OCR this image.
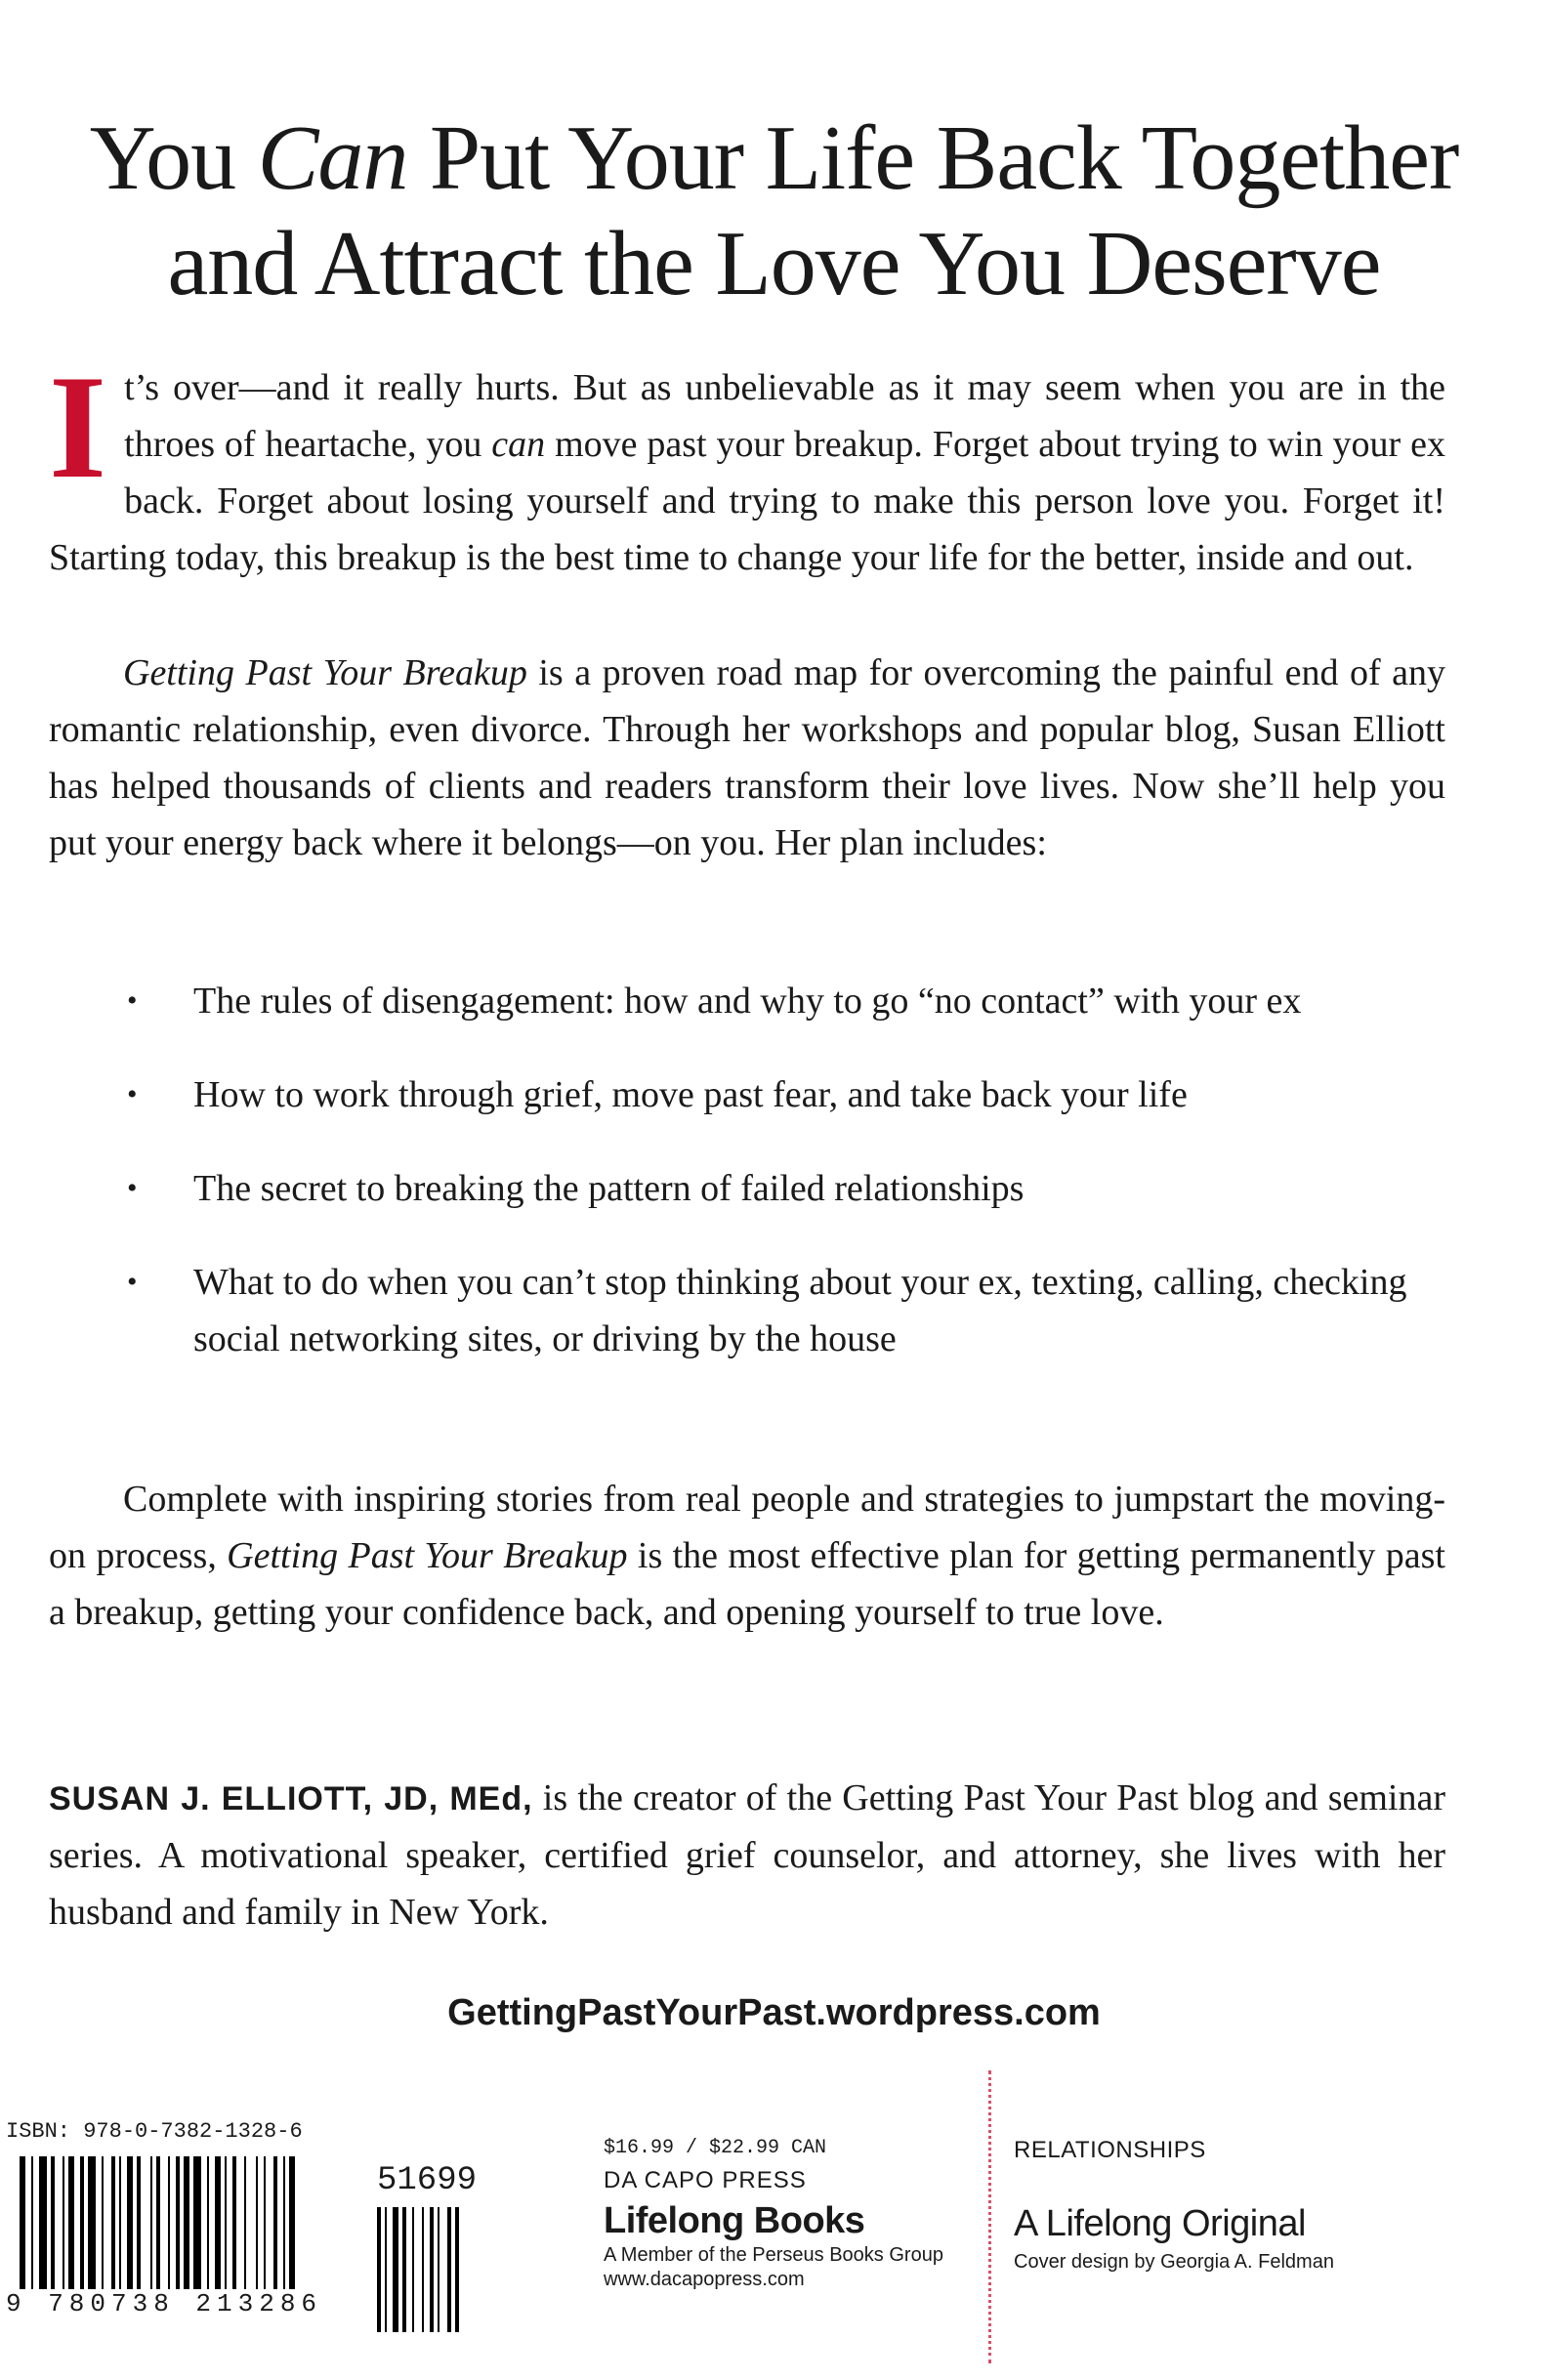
You Can Put Your Life Back Together
and Attract the Love You Deserve

It’s over—and it really hurts. But as unbelievable as it may seem when you are in the throes of heartache, you can move past your breakup. Forget about trying to win your ex back. Forget about losing yourself and trying to make this person love you. Forget it! Starting today, this breakup is the best time to change your life for the better, inside and out.

Getting Past Your Breakup is a proven road map for overcoming the painful end of any romantic relationship, even divorce. Through her workshops and popular blog, Susan Elliott has helped thousands of clients and readers transform their love lives. Now she’ll help you put your energy back where it belongs—on you. Her plan includes:

• The rules of disengagement: how and why to go “no contact” with your ex
• How to work through grief, move past fear, and take back your life
• The secret to breaking the pattern of failed relationships
• What to do when you can’t stop thinking about your ex, texting, calling, checking social networking sites, or driving by the house

Complete with inspiring stories from real people and strategies to jumpstart the moving-on process, Getting Past Your Breakup is the most effective plan for getting permanently past a breakup, getting your confidence back, and opening yourself to true love.

SUSAN J. ELLIOTT, JD, MEd, is the creator of the Getting Past Your Past blog and seminar series. A motivational speaker, certified grief counselor, and attorney, she lives with her husband and family in New York.

GettingPastYourPast.wordpress.com
ISBN: 978-0-7382-1328-6
9 780738 213286
51699
$16.99 / $22.99 CAN
DA CAPO PRESS
Lifelong Books
A Member of the Perseus Books Group
www.dacapopress.com
RELATIONSHIPS
A Lifelong Original
Cover design by Georgia A. Feldman
